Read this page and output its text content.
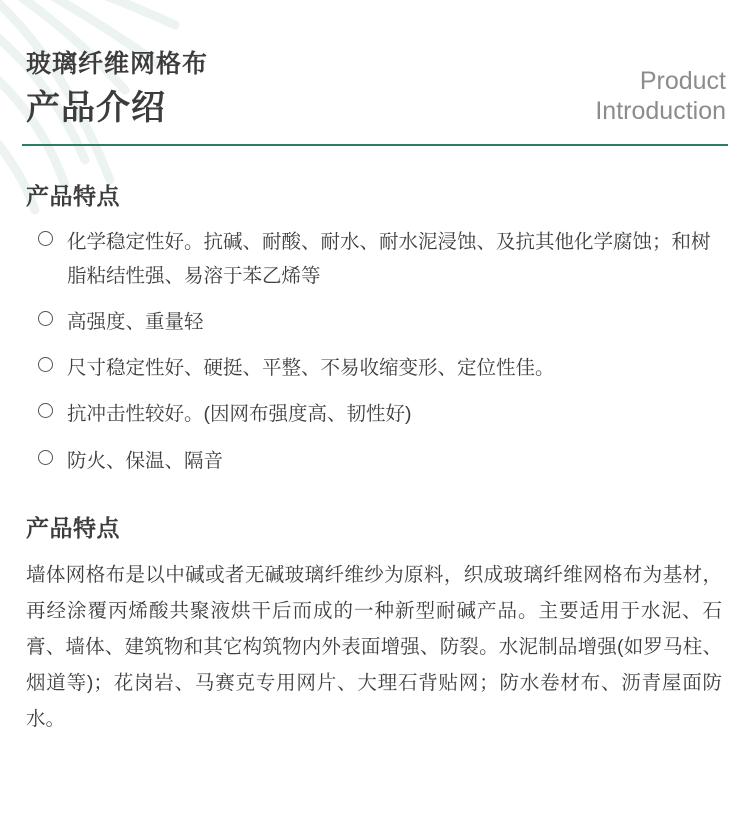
玻璃纤维网格布
产品介绍
Product
Introduction
产品特点
化学稳定性好。抗碱、耐酸、耐水、耐水泥浸蚀、及抗其他化学腐蚀；和树脂粘结性强、易溶于苯乙烯等
高强度、重量轻
尺寸稳定性好、硬挺、平整、不易收缩变形、定位性佳。
抗冲击性较好。(因网布强度高、韧性好)
防火、保温、隔音
产品特点

墙体网格布是以中碱或者无碱玻璃纤维纱为原料，织成玻璃纤维网格布为基材，再经涂覆丙烯酸共聚液烘干后而成的一种新型耐碱产品。主要适用于水泥、石膏、墙体、建筑物和其它构筑物内外表面增强、防裂。水泥制品增强(如罗马柱、烟道等)；花岗岩、马赛克专用网片、大理石背贴网；防水卷材布、沥青屋面防水。
